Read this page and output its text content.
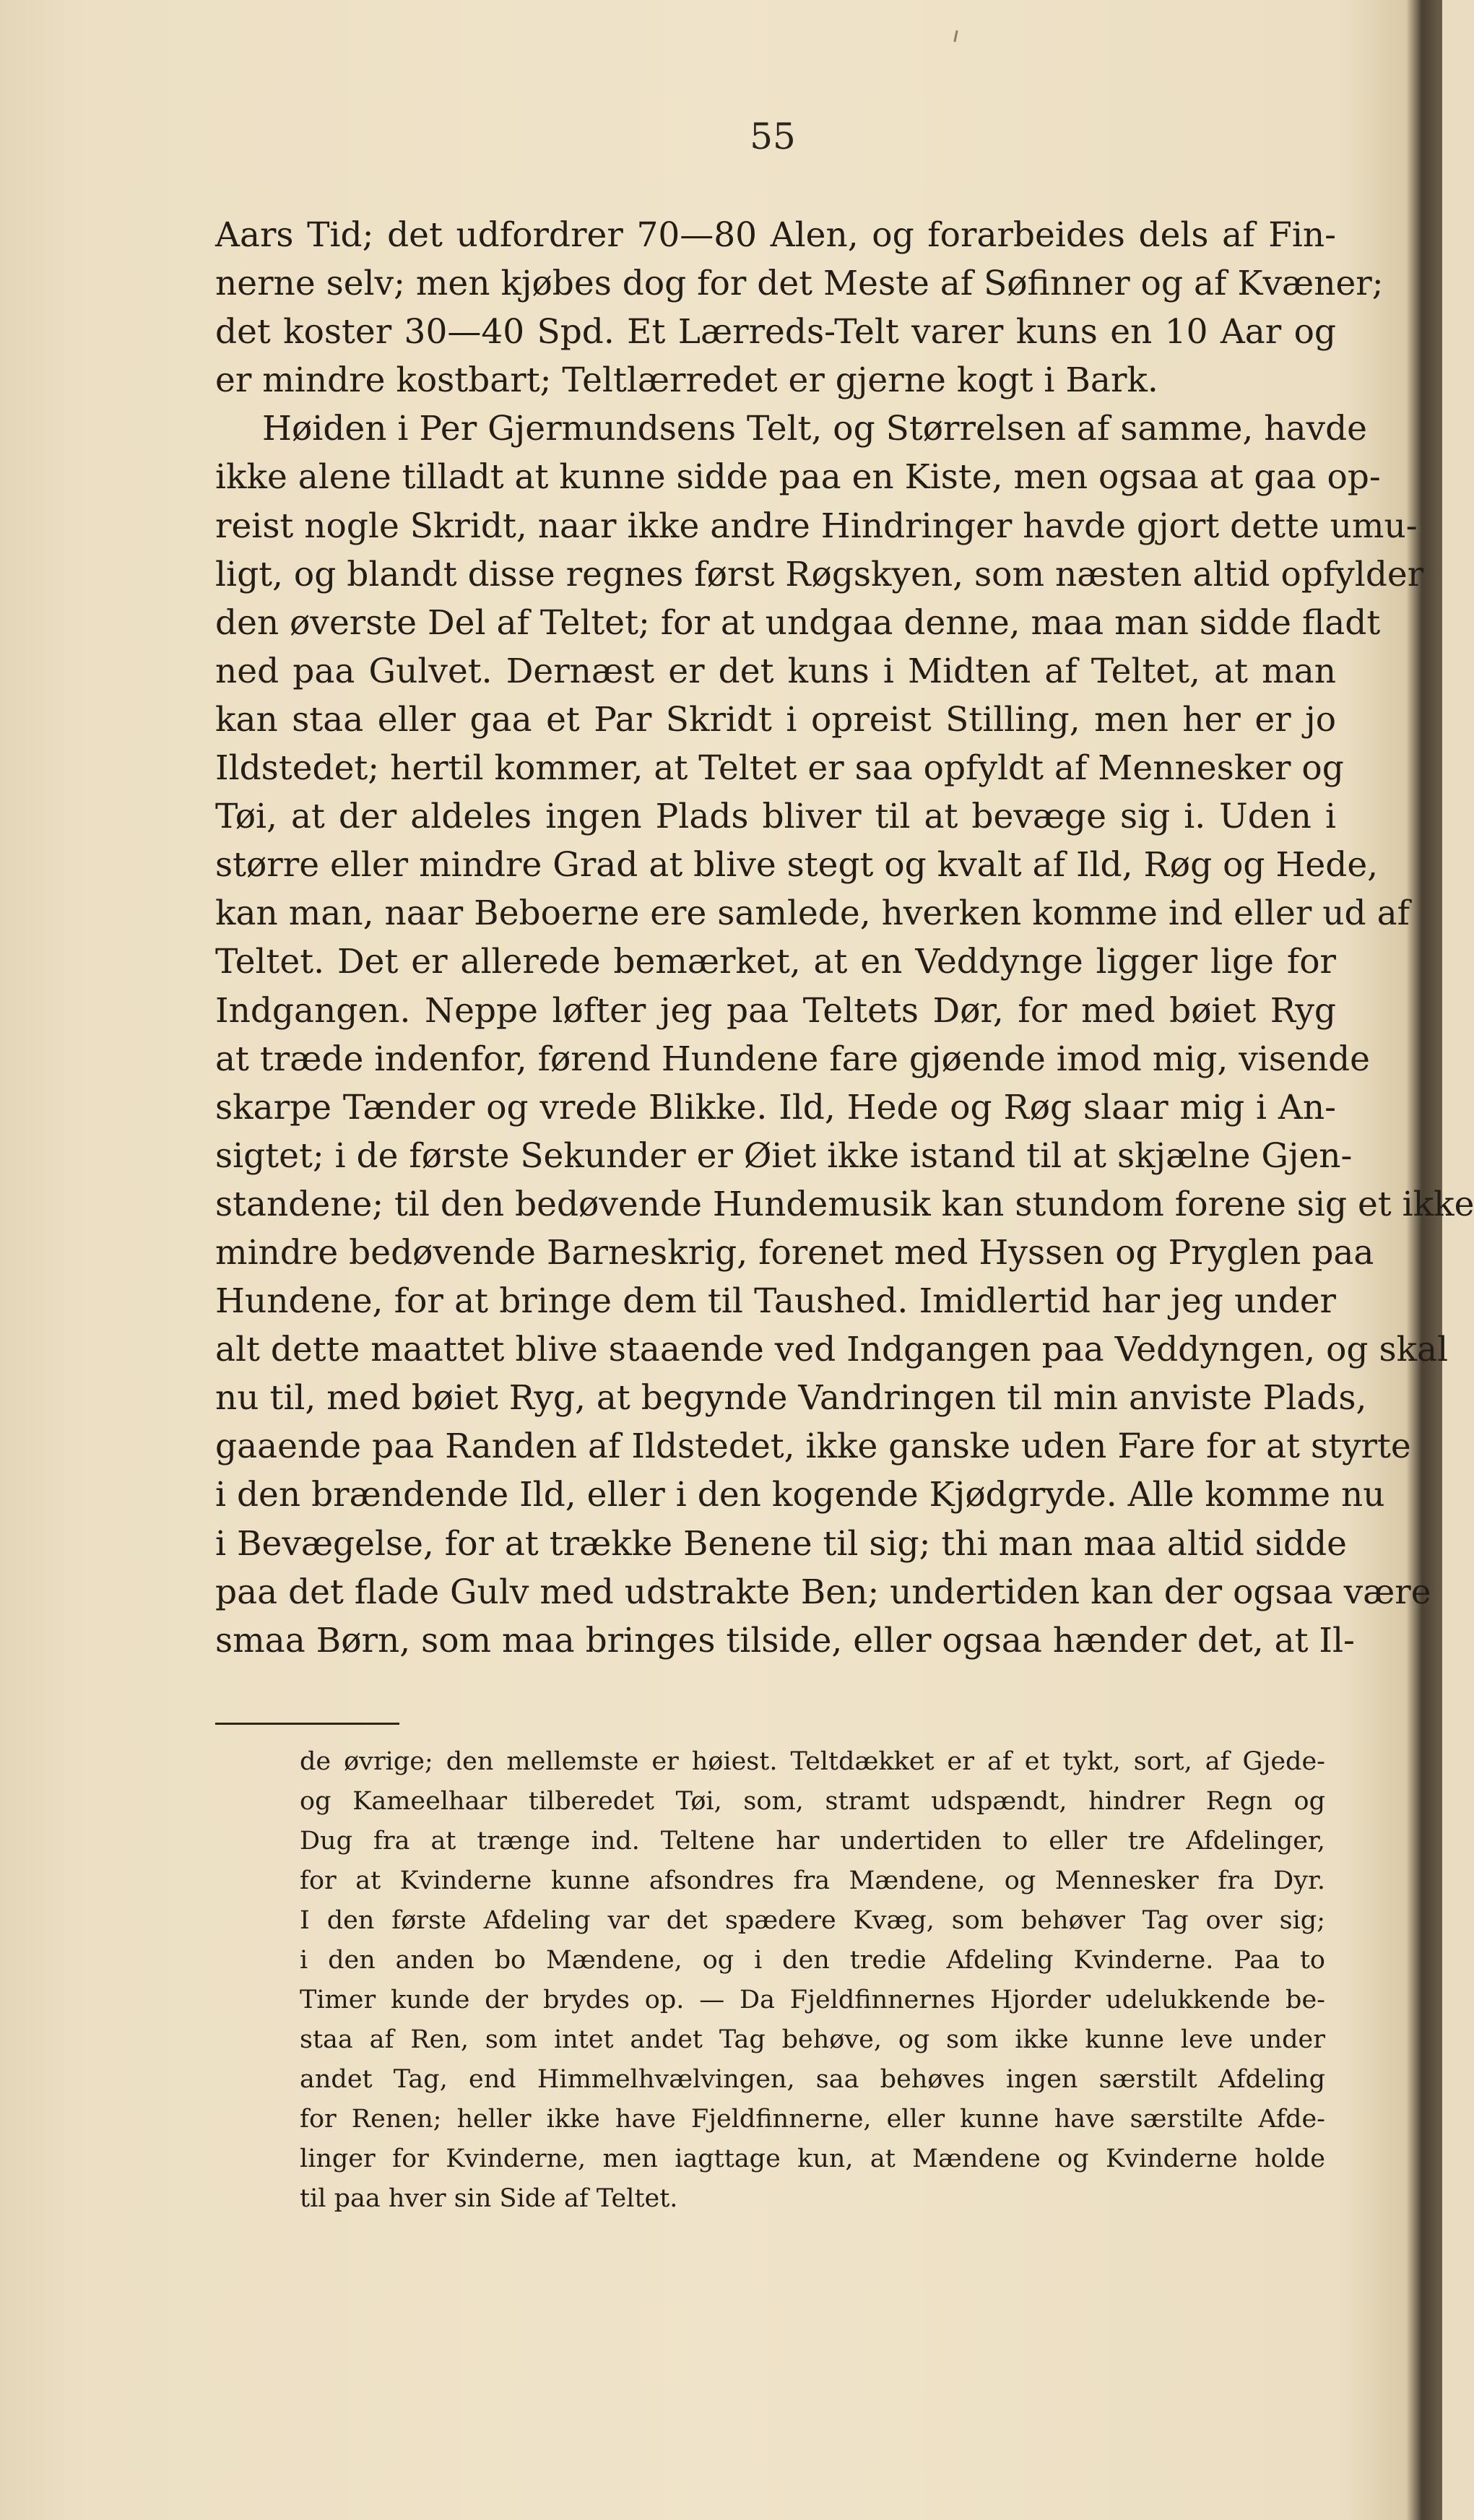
55
Aars Tid; det udfordrer 70—80 Alen, og forarbeides dels af Fin-
nerne selv; men kjøbes dog for det Meste af Søfinner og af Kvæner;
det koster 30—40 Spd. Et Lærreds-Telt varer kuns en 10 Aar og
er mindre kostbart; Teltlærredet er gjerne kogt i Bark.
Høiden i Per Gjermundsens Telt, og Størrelsen af samme, havde
ikke alene tilladt at kunne sidde paa en Kiste, men ogsaa at gaa op-
reist nogle Skridt, naar ikke andre Hindringer havde gjort dette umu-
ligt, og blandt disse regnes først Røgskyen, som næsten altid opfylder
den øverste Del af Teltet; for at undgaa denne, maa man sidde fladt
ned paa Gulvet. Dernæst er det kuns i Midten af Teltet, at man
kan staa eller gaa et Par Skridt i opreist Stilling, men her er jo
Ildstedet; hertil kommer, at Teltet er saa opfyldt af Mennesker og
Tøi, at der aldeles ingen Plads bliver til at bevæge sig i. Uden i
større eller mindre Grad at blive stegt og kvalt af Ild, Røg og Hede,
kan man, naar Beboerne ere samlede, hverken komme ind eller ud af
Teltet. Det er allerede bemærket, at en Veddynge ligger lige for
Indgangen. Neppe løfter jeg paa Teltets Dør, for med bøiet Ryg
at træde indenfor, førend Hundene fare gjøende imod mig, visende
skarpe Tænder og vrede Blikke. Ild, Hede og Røg slaar mig i An-
sigtet; i de første Sekunder er Øiet ikke istand til at skjælne Gjen-
standene; til den bedøvende Hundemusik kan stundom forene sig et ikke
mindre bedøvende Barneskrig, forenet med Hyssen og Pryglen paa
Hundene, for at bringe dem til Taushed. Imidlertid har jeg under
alt dette maattet blive staaende ved Indgangen paa Veddyngen, og skal
nu til, med bøiet Ryg, at begynde Vandringen til min anviste Plads,
gaaende paa Randen af Ildstedet, ikke ganske uden Fare for at styrte
i den brændende Ild, eller i den kogende Kjødgryde. Alle komme nu
i Bevægelse, for at trække Benene til sig; thi man maa altid sidde
paa det flade Gulv med udstrakte Ben; undertiden kan der ogsaa være
smaa Børn, som maa bringes tilside, eller ogsaa hænder det, at Il-
de øvrige; den mellemste er høiest. Teltdækket er af et tykt, sort, af Gjede-
og Kameelhaar tilberedet Tøi, som, stramt udspændt, hindrer Regn og
Dug fra at trænge ind. Teltene har undertiden to eller tre Afdelinger,
for at Kvinderne kunne afsondres fra Mændene, og Mennesker fra Dyr.
I den første Afdeling var det spædere Kvæg, som behøver Tag over sig;
i den anden bo Mændene, og i den tredie Afdeling Kvinderne. Paa to
Timer kunde der brydes op. — Da Fjeldfinnernes Hjorder udelukkende be-
staa af Ren, som intet andet Tag behøve, og som ikke kunne leve under
andet Tag, end Himmelhvælvingen, saa behøves ingen særstilt Afdeling
for Renen; heller ikke have Fjeldfinnerne, eller kunne have særstilte Afde-
linger for Kvinderne, men iagttage kun, at Mændene og Kvinderne holde
til paa hver sin Side af Teltet.
